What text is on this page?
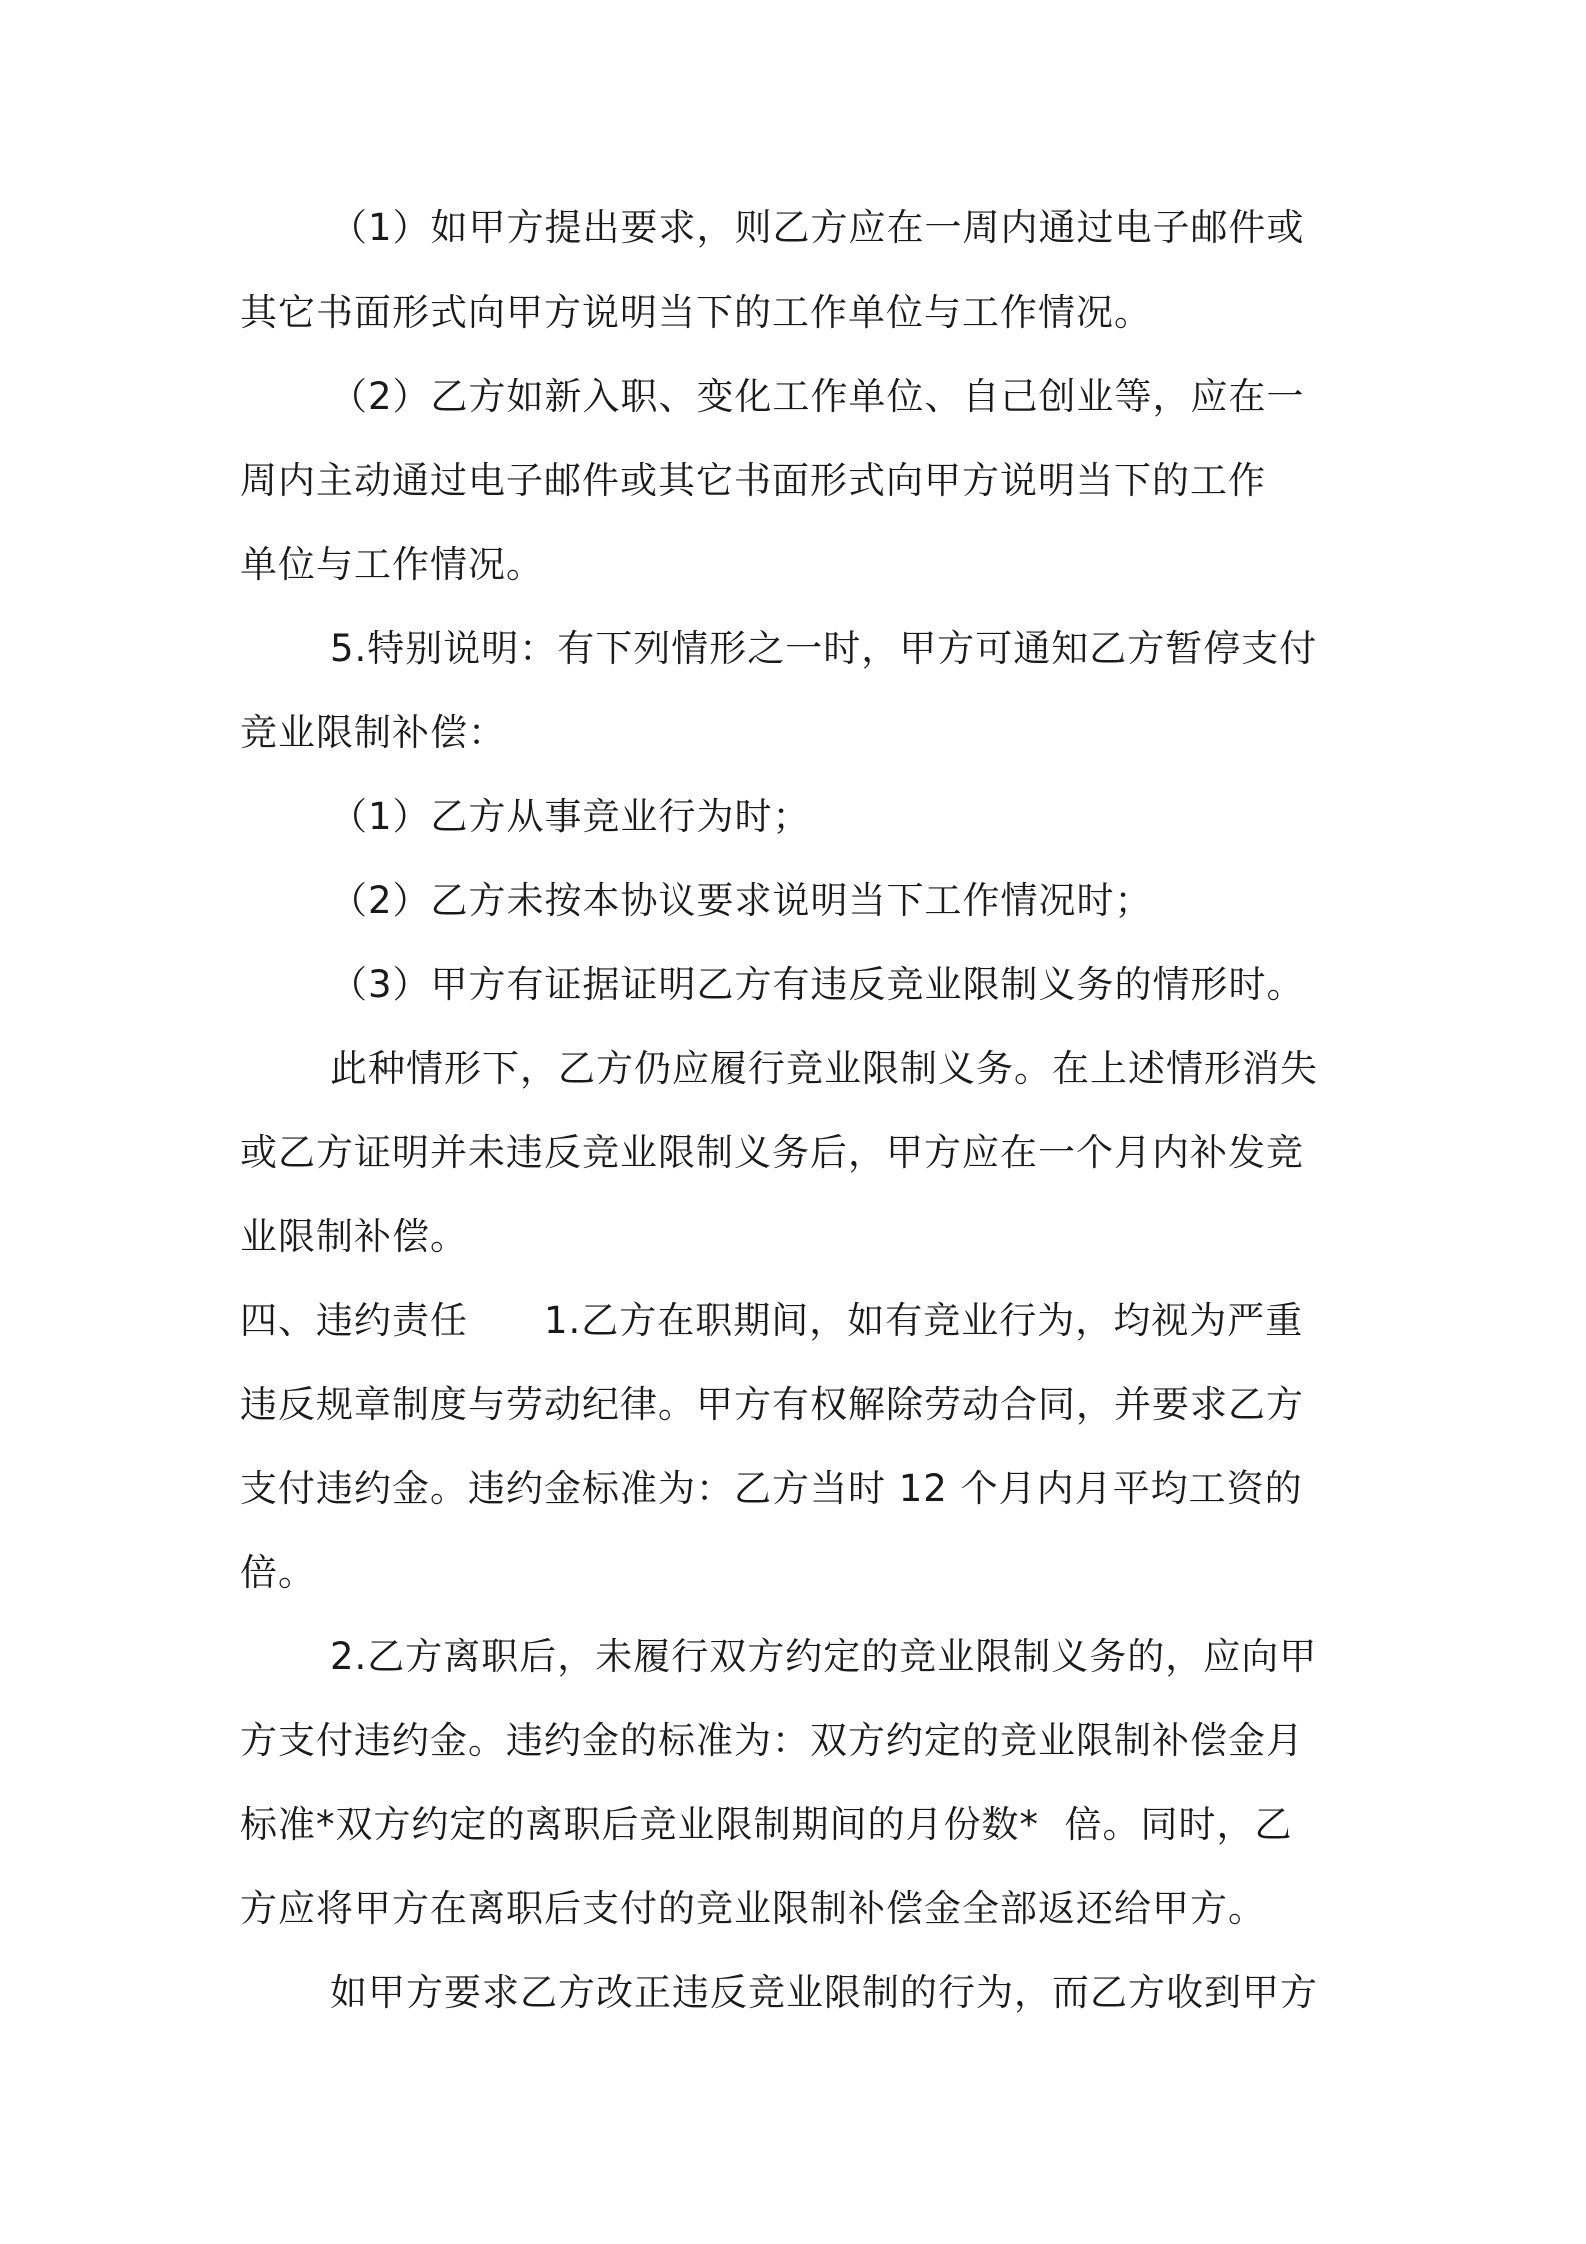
（1）如甲方提出要求，则乙方应在一周内通过电子邮件或
其它书面形式向甲方说明当下的工作单位与工作情况。
（2）乙方如新入职、变化工作单位、自己创业等，应在一
周内主动通过电子邮件或其它书面形式向甲方说明当下的工作
单位与工作情况。
5.特别说明：有下列情形之一时，甲方可通知乙方暂停支付
竞业限制补偿：
（1）乙方从事竞业行为时；
（2）乙方未按本协议要求说明当下工作情况时；
（3）甲方有证据证明乙方有违反竞业限制义务的情形时。
此种情形下，乙方仍应履行竞业限制义务。在上述情形消失
或乙方证明并未违反竞业限制义务后，甲方应在一个月内补发竞
业限制补偿。
四、违约责任　　1.乙方在职期间，如有竞业行为，均视为严重
违反规章制度与劳动纪律。甲方有权解除劳动合同，并要求乙方
支付违约金。违约金标准为：乙方当时 12 个月内月平均工资的
倍。
2.乙方离职后，未履行双方约定的竞业限制义务的，应向甲
方支付违约金。违约金的标准为：双方约定的竞业限制补偿金月
标准*双方约定的离职后竞业限制期间的月份数*  倍。同时，乙
方应将甲方在离职后支付的竞业限制补偿金全部返还给甲方。
如甲方要求乙方改正违反竞业限制的行为，而乙方收到甲方
